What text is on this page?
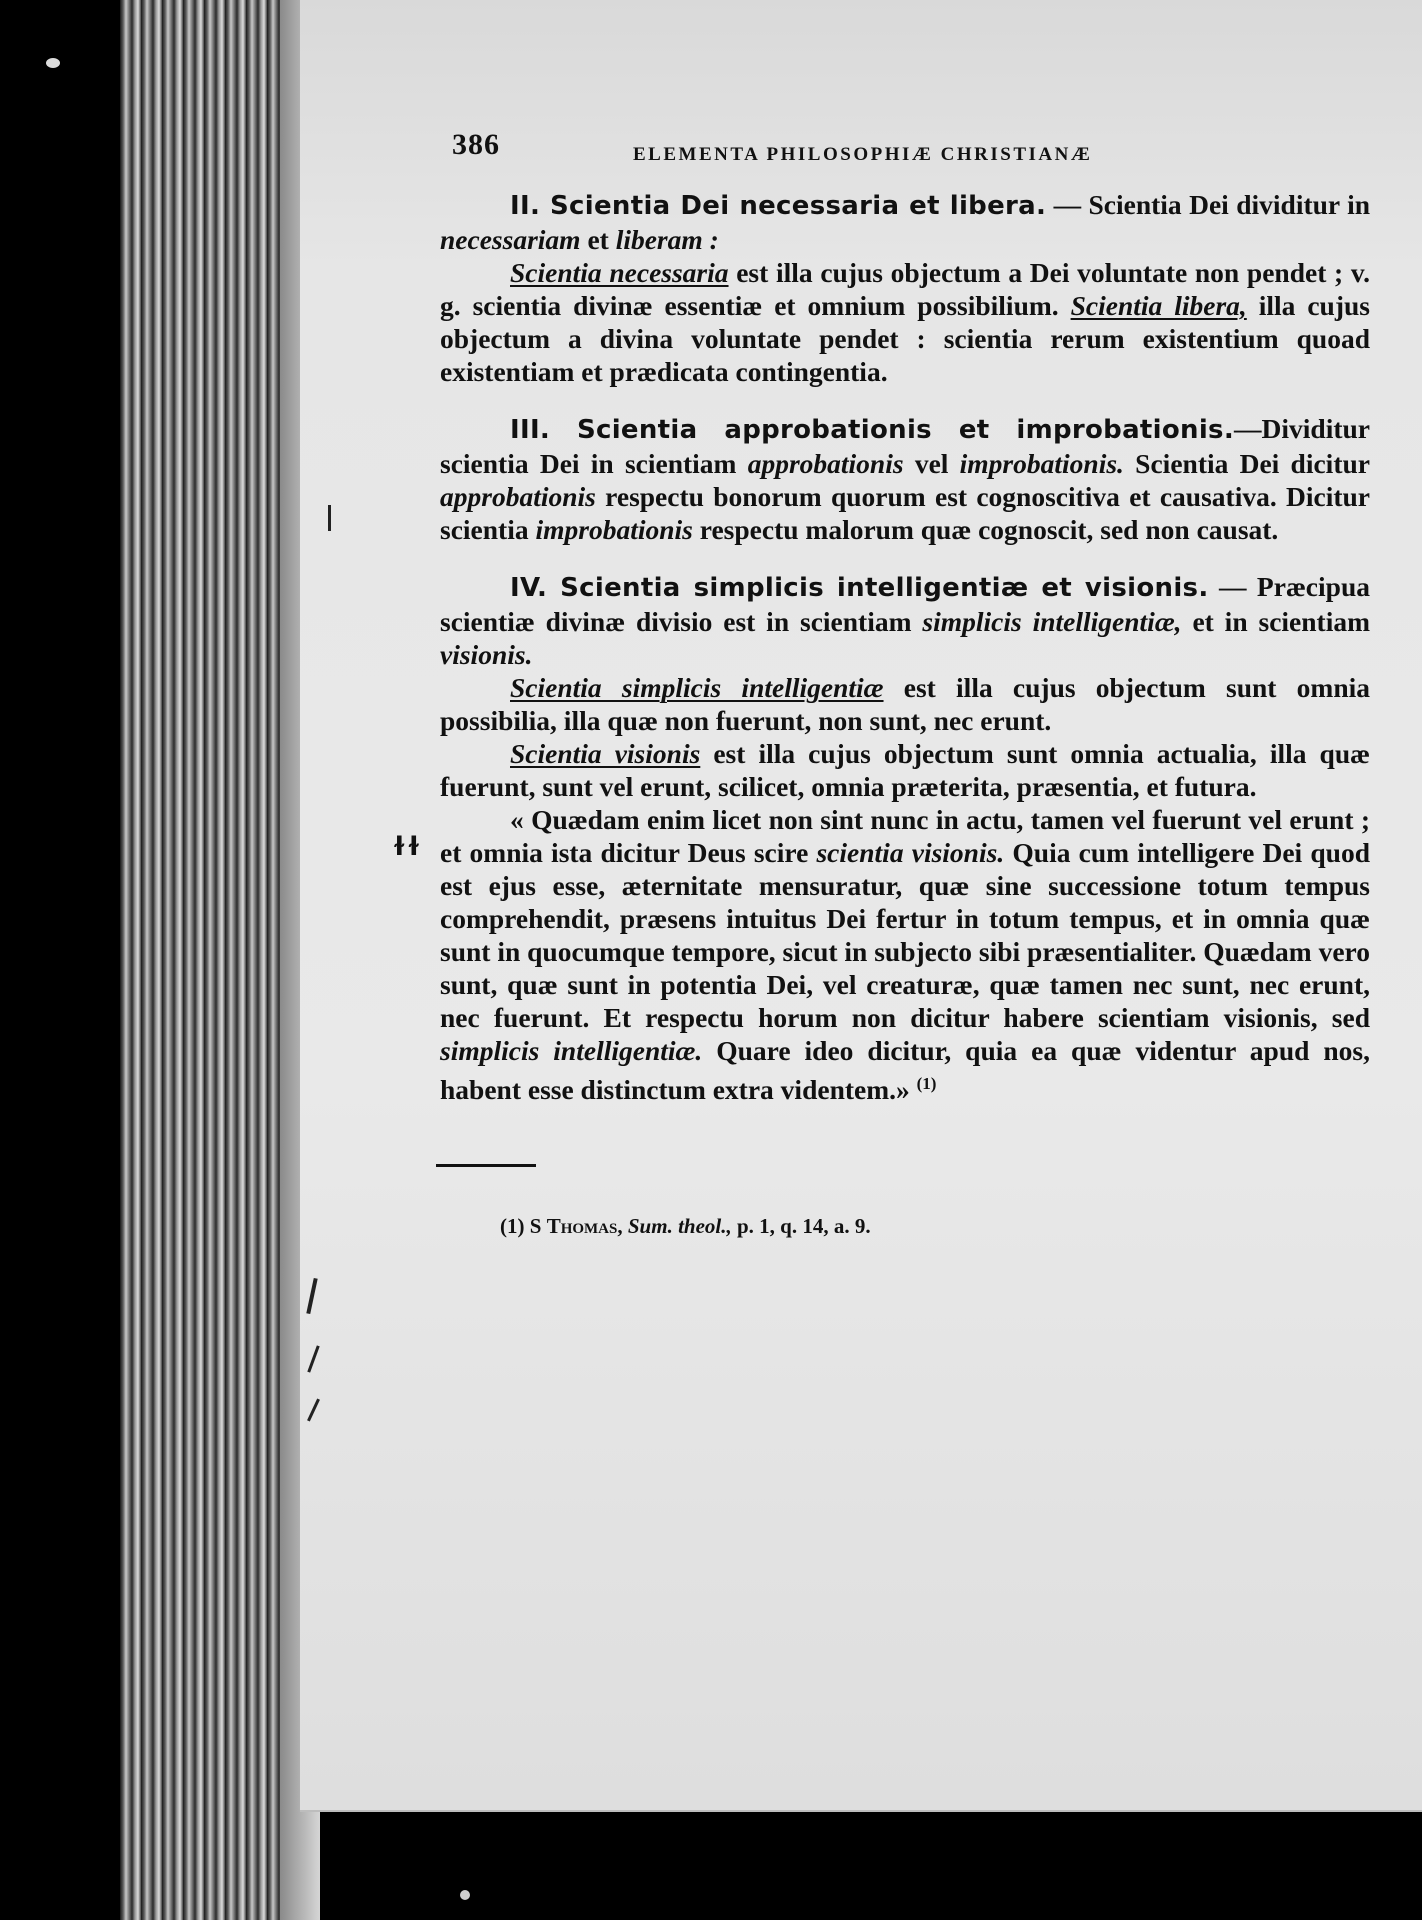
386	ELEMENTA PHILOSOPHIÆ CHRISTIANÆ

II. Scientia Dei necessaria et libera. — Scientia Dei dividitur in necessariam et liberam :

Scientia necessaria est illa cujus objectum a Dei voluntate non pendet ; v. g. scientia divinæ essentiæ et omnium possibilium. Scientia libera, illa cujus objectum a divina voluntate pendet : scientia rerum existentium quoad existentiam et prædicata contingentia.

III. Scientia approbationis et improbationis.—Dividitur scientia Dei in scientiam approbationis vel improbationis. Scientia Dei dicitur approbationis respectu bonorum quorum est cognoscitiva et causativa. Dicitur scientia improbationis respectu malorum quæ cognoscit, sed non causat.

IV. Scientia simplicis intelligentiæ et visionis. — Præcipua scientiæ divinæ divisio est in scientiam simplicis intelligentiæ, et in scientiam visionis.

Scientia simplicis intelligentiæ est illa cujus objectum sunt omnia possibilia, illa quæ non fuerunt, non sunt, nec erunt.

Scientia visionis est illa cujus objectum sunt omnia actualia, illa quæ fuerunt, sunt vel erunt, scilicet, omnia præterita, præsentia, et futura.

« Quædam enim licet non sint nunc in actu, tamen vel fuerunt vel erunt ; et omnia ista dicitur Deus scire scientia visionis. Quia cum intelligere Dei quod est ejus esse, æternitate mensuratur, quæ sine successione totum tempus comprehendit, præsens intuitus Dei fertur in totum tempus, et in omnia quæ sunt in quocumque tempore, sicut in subjecto sibi præsentialiter. Quædam vero sunt, quæ sunt in potentia Dei, vel creaturæ, quæ tamen nec sunt, nec erunt, nec fuerunt. Et respectu horum non dicitur habere scientiam visionis, sed simplicis intelligentiæ. Quare ideo dicitur, quia ea quæ videntur apud nos, habent esse distinctum extra videntem.» $^{(1)}$

(1) S Thomas, Sum. theol., p. 1, q. 14, a. 9.

ɫɫ
